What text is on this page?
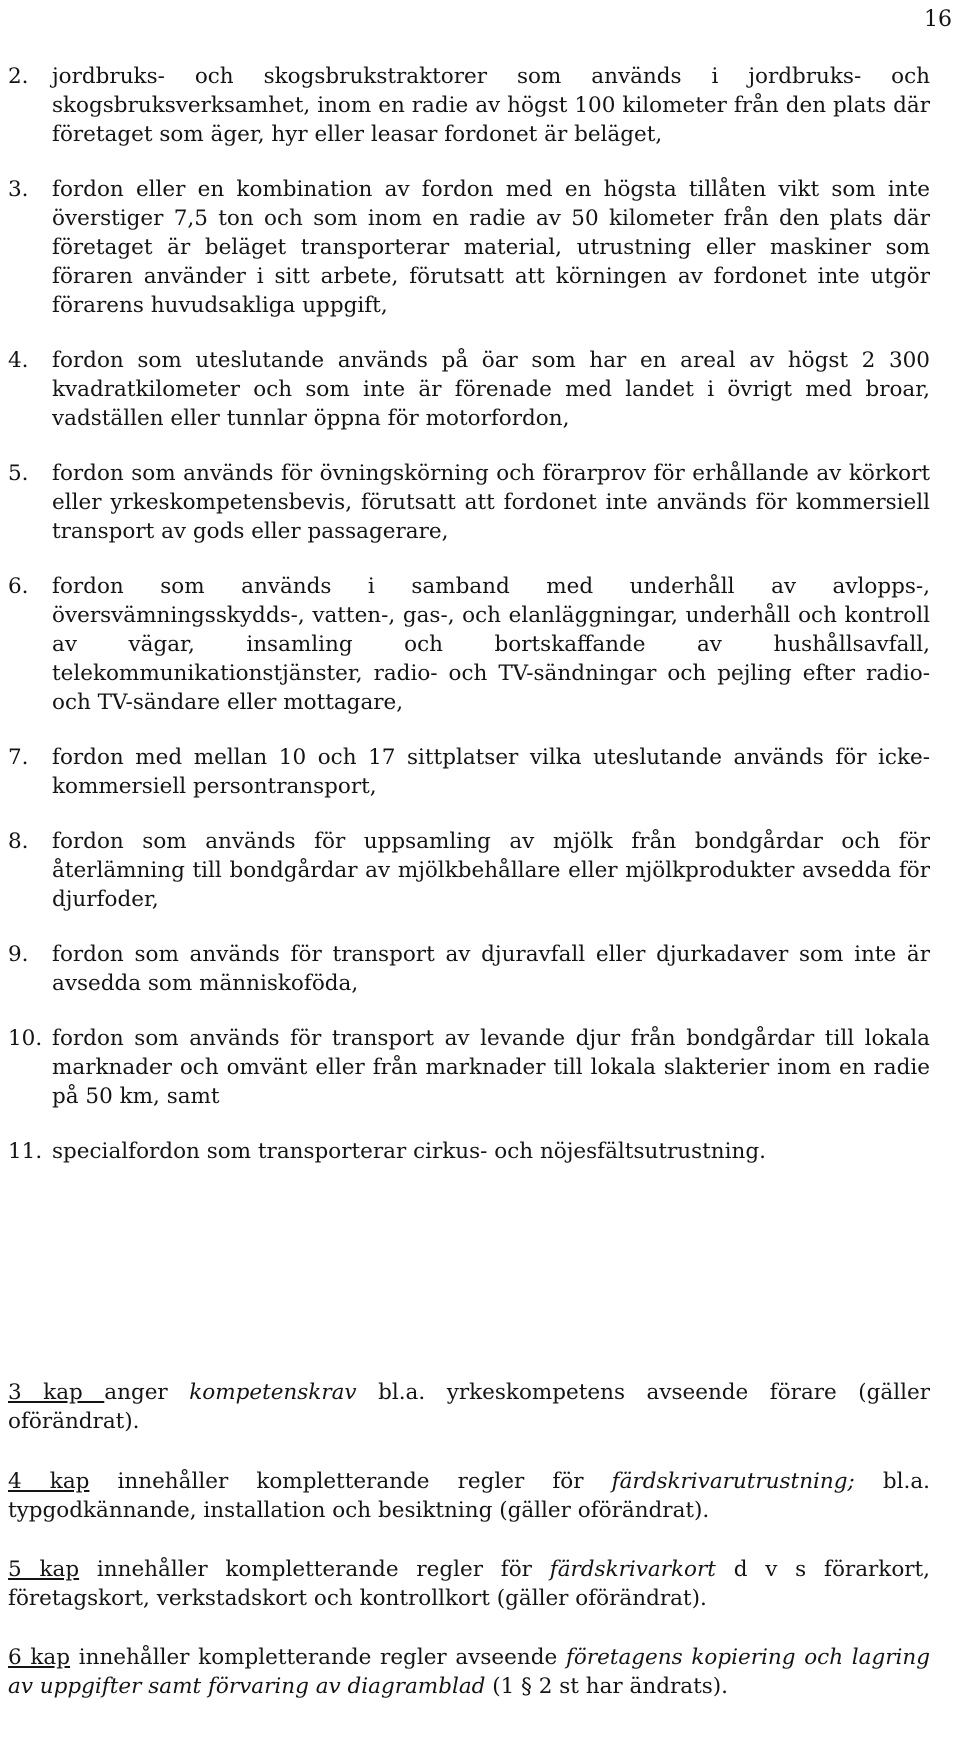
16
2. jordbruks- och skogsbrukstraktorer som används i jordbruks- och skogsbruksverksamhet, inom en radie av högst 100 kilometer från den plats där företaget som äger, hyr eller leasar fordonet är beläget,
3. fordon eller en kombination av fordon med en högsta tillåten vikt som inte överstiger 7,5 ton och som inom en radie av 50 kilometer från den plats där företaget är beläget transporterar material, utrustning eller maskiner som föraren använder i sitt arbete, förutsatt att körningen av fordonet inte utgör förarens huvudsakliga uppgift,
4. fordon som uteslutande används på öar som har en areal av högst 2 300 kvadratkilometer och som inte är förenade med landet i övrigt med broar, vadställen eller tunnlar öppna för motorfordon,
5. fordon som används för övningskörning och förarprov för erhållande av körkort eller yrkeskompetensbevis, förutsatt att fordonet inte används för kommersiell transport av gods eller passagerare,
6. fordon som används i samband med underhåll av avlopps-, översvämningsskydds-, vatten-, gas-, och elanläggningar, underhåll och kontroll av vägar, insamling och bortskaffande av hushållsavfall, telekommunikationstjänster, radio- och TV-sändningar och pejling efter radio- och TV-sändare eller mottagare,
7. fordon med mellan 10 och 17 sittplatser vilka uteslutande används för icke-kommersiell persontransport,
8. fordon som används för uppsamling av mjölk från bondgårdar och för återlämning till bondgårdar av mjölkbehållare eller mjölkprodukter avsedda för djurfoder,
9. fordon som används för transport av djuravfall eller djurkadaver som inte är avsedda som människoföda,
10. fordon som används för transport av levande djur från bondgårdar till lokala marknader och omvänt eller från marknader till lokala slakterier inom en radie på 50 km, samt
11. specialfordon som transporterar cirkus- och nöjesfältsutrustning.
3 kap anger kompetenskrav bl.a. yrkeskompetens avseende förare (gäller oförändrat).
4 kap innehåller kompletterande regler för färdskrivarutrustning; bl.a. typgodkännande, installation och besiktning (gäller oförändrat).
5 kap innehåller kompletterande regler för färdskrivarkort d v s förarkort, företagskort, verkstadskort och kontrollkort (gäller oförändrat).
6 kap innehåller kompletterande regler avseende företagens kopiering och lagring av uppgifter samt förvaring av diagramblad (1 § 2 st har ändrats).
